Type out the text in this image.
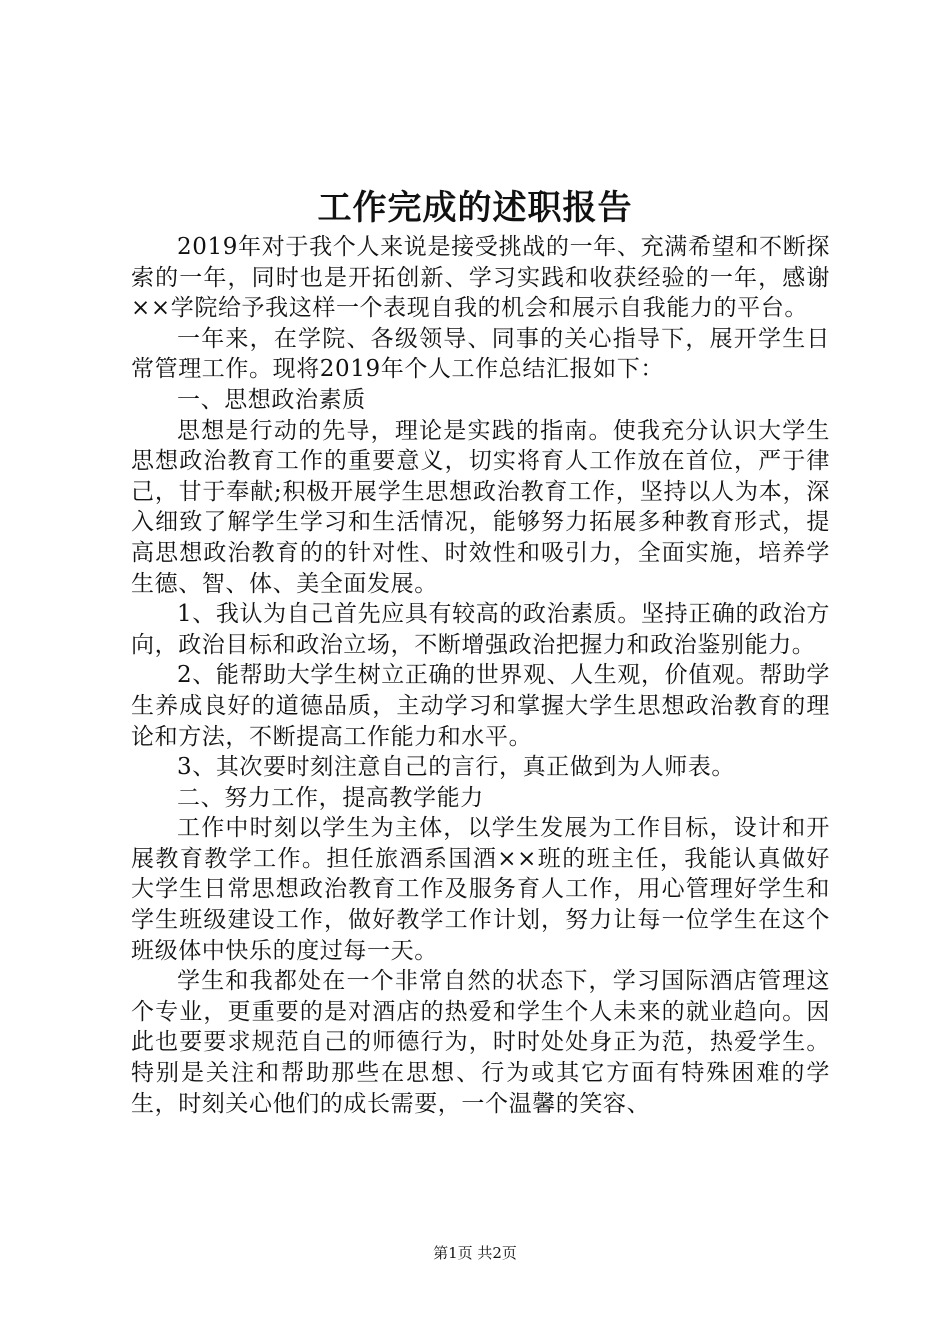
工作完成的述职报告

2019年对于我个人来说是接受挑战的一年、充满希望和不断探索的一年，同时也是开拓创新、学习实践和收获经验的一年，感谢××学院给予我这样一个表现自我的机会和展示自我能力的平台。

一年来，在学院、各级领导、同事的关心指导下，展开学生日常管理工作。现将2019年个人工作总结汇报如下：

一、思想政治素质

思想是行动的先导，理论是实践的指南。使我充分认识大学生思想政治教育工作的重要意义，切实将育人工作放在首位，严于律己，甘于奉献;积极开展学生思想政治教育工作，坚持以人为本，深入细致了解学生学习和生活情况，能够努力拓展多种教育形式，提高思想政治教育的的针对性、时效性和吸引力，全面实施，培养学生德、智、体、美全面发展。

1、我认为自己首先应具有较高的政治素质。坚持正确的政治方向，政治目标和政治立场，不断增强政治把握力和政治鉴别能力。

2、能帮助大学生树立正确的世界观、人生观，价值观。帮助学生养成良好的道德品质，主动学习和掌握大学生思想政治教育的理论和方法，不断提高工作能力和水平。

3、其次要时刻注意自己的言行，真正做到为人师表。

二、努力工作，提高教学能力

工作中时刻以学生为主体，以学生发展为工作目标，设计和开展教育教学工作。担任旅酒系国酒××班的班主任，我能认真做好大学生日常思想政治教育工作及服务育人工作，用心管理好学生和学生班级建设工作，做好教学工作计划，努力让每一位学生在这个班级体中快乐的度过每一天。

学生和我都处在一个非常自然的状态下，学习国际酒店管理这个专业，更重要的是对酒店的热爱和学生个人未来的就业趋向。因此也要要求规范自己的师德行为，时时处处身正为范，热爱学生。特别是关注和帮助那些在思想、行为或其它方面有特殊困难的学生，时刻关心他们的成长需要，一个温馨的笑容、

第1页 共2页
